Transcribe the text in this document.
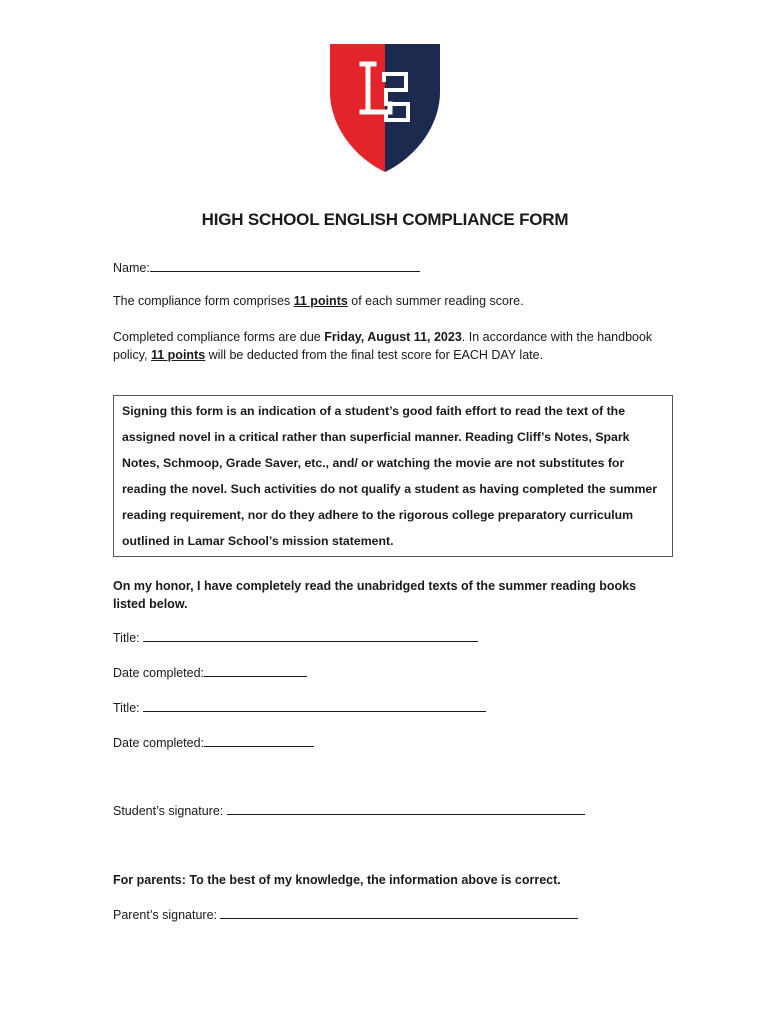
HIGH SCHOOL ENGLISH COMPLIANCE FORM
Name:
The compliance form comprises 11 points of each summer reading score.
Completed compliance forms are due Friday, August 11, 2023. In accordance with the handbook policy, 11 points will be deducted from the final test score for EACH DAY late.
Signing this form is an indication of a student’s good faith effort to read the text of the assigned novel in a critical rather than superficial manner. Reading Cliff’s Notes, Spark Notes, Schmoop, Grade Saver, etc., and/ or watching the movie are not substitutes for reading the novel. Such activities do not qualify a student as having completed the summer reading requirement, nor do they adhere to the rigorous college preparatory curriculum outlined in Lamar School’s mission statement.
On my honor, I have completely read the unabridged texts of the summer reading books listed below.
Title:
Date completed:
Title:
Date completed:
Student’s signature:
For parents: To the best of my knowledge, the information above is correct.
Parent’s signature:
